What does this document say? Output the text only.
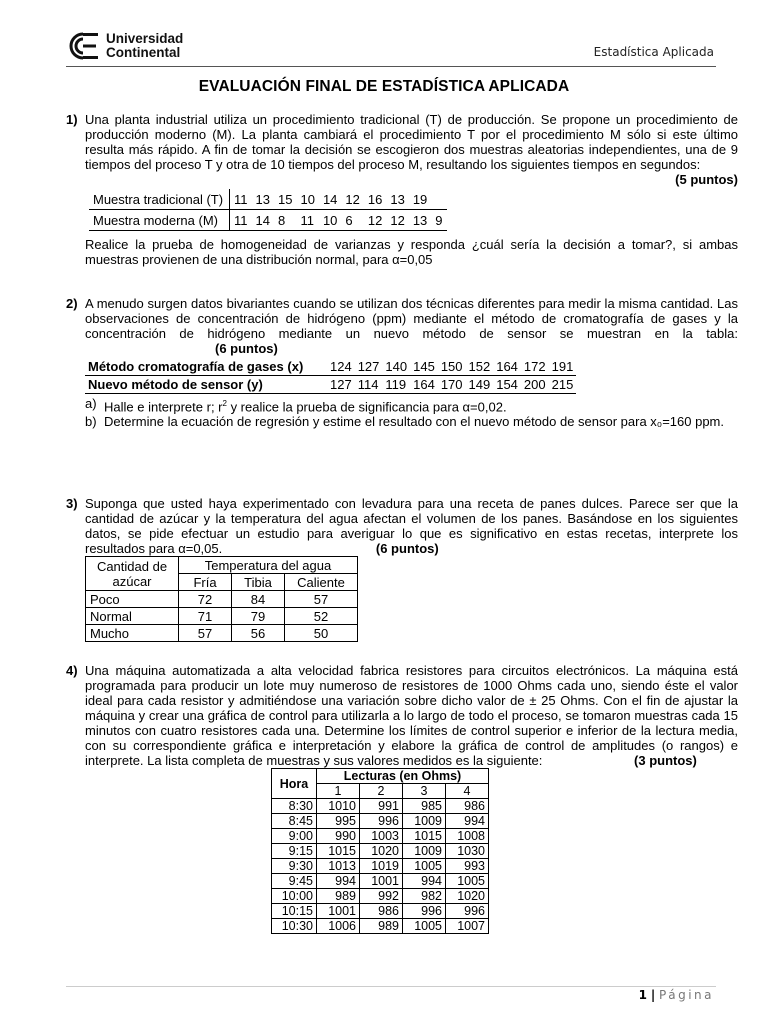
Universidad
Continental	Estadística Aplicada
EVALUACIÓN FINAL DE ESTADÍSTICA APLICADA
1) Una planta industrial utiliza un procedimiento tradicional (T) de producción. Se propone un procedimiento de producción moderno (M). La planta cambiará el procedimiento T por el procedimiento M sólo si este último resulta más rápido. A fin de tomar la decisión se escogieron dos muestras aleatorias independientes, una de 9 tiempos del proceso T y otra de 10 tiempos del proceso M, resultando los siguientes tiempos en segundos:
(5 puntos)
Muestra tradicional (T)	11	13	15	10	14	12	16	13	19	
Muestra moderna (M)	11	14	8	11	10	6	12	12	13	9
Realice la prueba de homogeneidad de varianzas y responda ¿cuál sería la decisión a tomar?, si ambas muestras provienen de una distribución normal, para α=0,05
2) A menudo surgen datos bivariantes cuando se utilizan dos técnicas diferentes para medir la misma cantidad. Las observaciones de concentración de hidrógeno (ppm) mediante el método de cromatografía de gases y la concentración de hidrógeno mediante un nuevo método de sensor se muestran en la tabla: (6 puntos)
Método cromatografía de gases (x)	124	127	140	145	150	152	164	172	191
Nuevo método de sensor (y)	127	114	119	164	170	149	154	200	215
a) Halle e interprete r; $r^2$ y realice la prueba de significancia para α=0,02.
b) Determine la ecuación de regresión y estime el resultado con el nuevo método de sensor para x₀=160 ppm.
3) Suponga que usted haya experimentado con levadura para una receta de panes dulces. Parece ser que la cantidad de azúcar y la temperatura del agua afectan el volumen de los panes. Basándose en los siguientes datos, se pide efectuar un estudio para averiguar lo que es significativo en estas recetas, interprete los resultados para α=0,05.	(6 puntos)
Cantidad de azúcar	Temperatura del agua		
	Fría	Tibia	Caliente
Poco	72	84	57
Normal	71	79	52
Mucho	57	56	50
4) Una máquina automatizada a alta velocidad fabrica resistores para circuitos electrónicos. La máquina está programada para producir un lote muy numeroso de resistores de 1000 Ohms cada uno, siendo éste el valor ideal para cada resistor y admitiéndose una variación sobre dicho valor de ± 25 Ohms. Con el fin de ajustar la máquina y crear una gráfica de control para utilizarla a lo largo de todo el proceso, se tomaron muestras cada 15 minutos con cuatro resistores cada una. Determine los límites de control superior e inferior de la lectura media, con su correspondiente gráfica e interpretación y elabore la gráfica de control de amplitudes (o rangos) e interprete. La lista completa de muestras y sus valores medidos es la siguiente:	(3 puntos)
Hora	Lecturas (en Ohms)			
	1	2	3	4
8:30	1010	991	985	986
8:45	995	996	1009	994
9:00	990	1003	1015	1008
9:15	1015	1020	1009	1030
9:30	1013	1019	1005	993
9:45	994	1001	994	1005
10:00	989	992	982	1020
10:15	1001	986	996	996
10:30	1006	989	1005	1007
1 | Página
